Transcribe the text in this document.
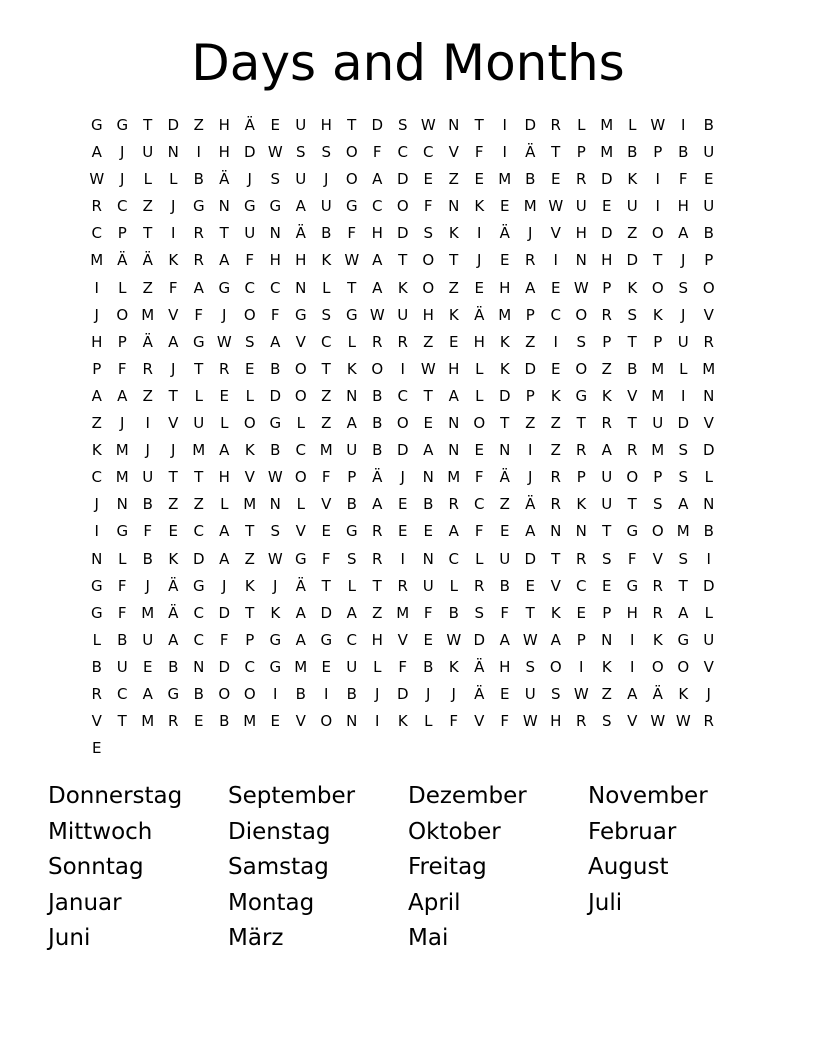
Days and Months
G G	T	D Z H Ä	E	U H	T	D S W N	T	I	D R	L M L W	I	B
A	J	U N	I	H D W S	S O	F	C	C	V	F	I	Ä	T	P M B	P	B U
W	J	L	L	B	Ä	J	S	U	J	O A D E	Z	E M B	E	R D K	I	F	E
R	C	Z	J	G N G G A U G C O	F	N K	E M W U	E	U	I	H U
C	P	T	I	R	T	U N Ä	B	F	H D S	K	I	Ä	J	V H D Z O A	B
M Ä	Ä	K	R	A	F	H H K W A	T	O	T	J	E	R	I	N H D	T	J	P
I	L	Z	F	A G C	C N	L	T	A	K O Z	E	H A	E W P	K O S O
J	O M V	F	J	O	F	G S G W U H K	Ä M P	C O R	S	K	J	V
H	P	Ä	A G W S	A	V	C	L	R	R	Z	E	H K	Z	I	S	P	T	P	U R
P	F	R	J	T	R	E	B O	T	K O	I	W H	L	K D E O Z	B M L M
A	A	Z	T	L	E	L	D O Z N B	C	T	A	L	D	P	K G K	V M	I	N
Z	J	I	V U	L	O G	L	Z	A	B O E	N O	T	Z	Z	T	R	T	U D V
K M	J	J	M A	K	B	C M U B D A N	E	N	I	Z	R	A	R M S D
C M U	T	T	H V W O	F	P	Ä	J	N M F	Ä	J	R	P	U O	P	S	L
J	N B	Z	Z	L M N	L	V	B	A	E	B	R	C	Z	Ä	R	K	U	T	S	A N
I	G	F	E	C	A	T	S	V	E G R	E	E	A	F	E	A N N	T	G O M B
N	L	B	K D A	Z W G	F	S	R	I	N C	L	U D	T	R	S	F	V	S	I
G	F	J	Ä G	J	K	J	Ä	T	L	T	R U	L	R	B	E	V	C	E G R	T	D
G	F M Ä	C D	T	K	A D A	Z M F	B	S	F	T	K	E	P	H R	A	L
L	B U A	C	F	P	G A G C H V	E W D A W A	P	N	I	K G U
B U	E	B N D C G M E	U	L	F	B	K	Ä H	S O	I	K	I	O O V
R	C	A G B O O	I	B	I	B	J	D	J	J	Ä	E	U	S W Z	A	Ä	K	J
V	T M R	E	B M E	V O N	I	K	L	F	V	F W H R	S	V W W R
E
Donnerstag	September	Dezember	November
Mittwoch	Dienstag	Oktober	Februar
Sonntag	Samstag	Freitag	August
Januar	Montag	April	Juli
Juni	März	Mai
